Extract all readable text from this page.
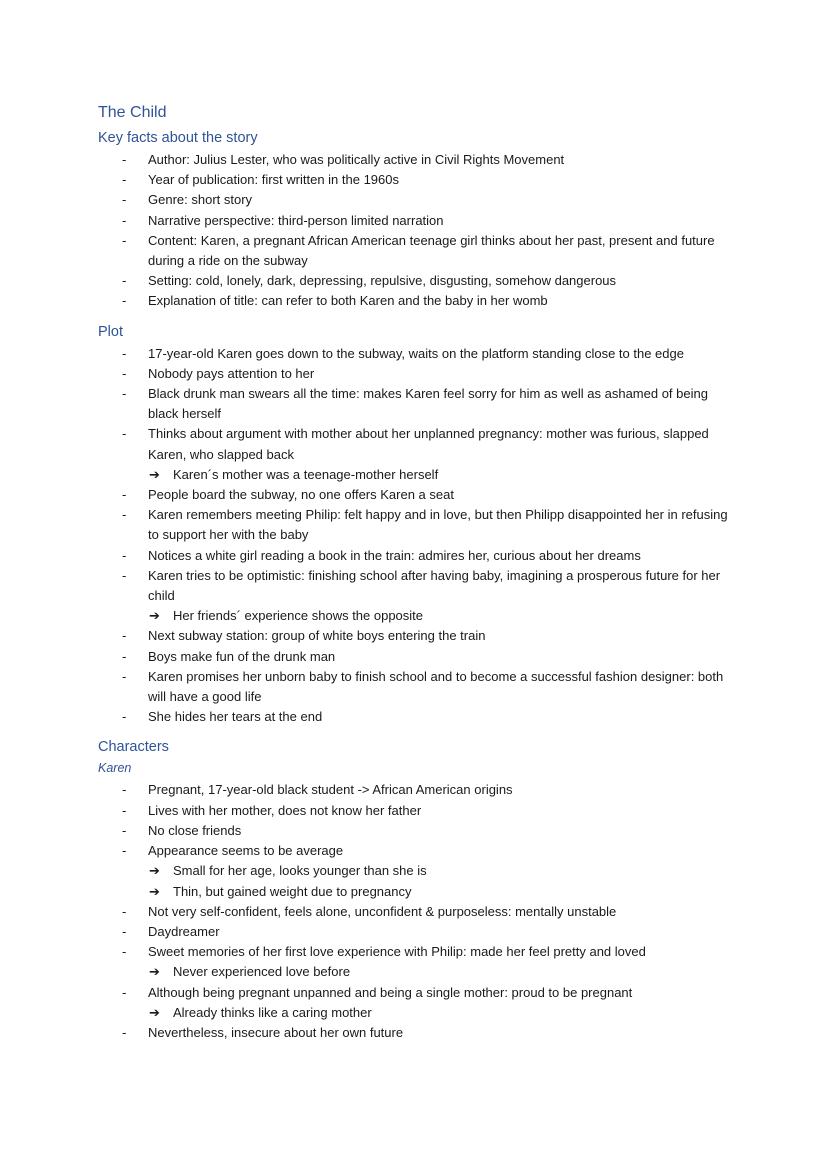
The Child
Key facts about the story
- Author: Julius Lester, who was politically active in Civil Rights Movement
- Year of publication: first written in the 1960s
- Genre: short story
- Narrative perspective: third-person limited narration
- Content: Karen, a pregnant African American teenage girl thinks about her past, present and future during a ride on the subway
- Setting: cold, lonely, dark, depressing, repulsive, disgusting, somehow dangerous
- Explanation of title: can refer to both Karen and the baby in her womb
Plot
- 17-year-old Karen goes down to the subway, waits on the platform standing close to the edge
- Nobody pays attention to her
- Black drunk man swears all the time: makes Karen feel sorry for him as well as ashamed of being black herself
- Thinks about argument with mother about her unplanned pregnancy: mother was furious, slapped Karen, who slapped back
➔ Karen´s mother was a teenage-mother herself
- People board the subway, no one offers Karen a seat
- Karen remembers meeting Philip: felt happy and in love, but then Philipp disappointed her in refusing to support her with the baby
- Notices a white girl reading a book in the train: admires her, curious about her dreams
- Karen tries to be optimistic: finishing school after having baby, imagining a prosperous future for her child
➔ Her friends´ experience shows the opposite
- Next subway station: group of white boys entering the train
- Boys make fun of the drunk man
- Karen promises her unborn baby to finish school and to become a successful fashion designer: both will have a good life
- She hides her tears at the end
Characters
Karen
- Pregnant, 17-year-old black student -> African American origins
- Lives with her mother, does not know her father
- No close friends
- Appearance seems to be average
➔ Small for her age, looks younger than she is
➔ Thin, but gained weight due to pregnancy
- Not very self-confident, feels alone, unconfident & purposeless: mentally unstable
- Daydreamer
- Sweet memories of her first love experience with Philip: made her feel pretty and loved
➔ Never experienced love before
- Although being pregnant unpanned and being a single mother: proud to be pregnant
➔ Already thinks like a caring mother
- Nevertheless, insecure about her own future
